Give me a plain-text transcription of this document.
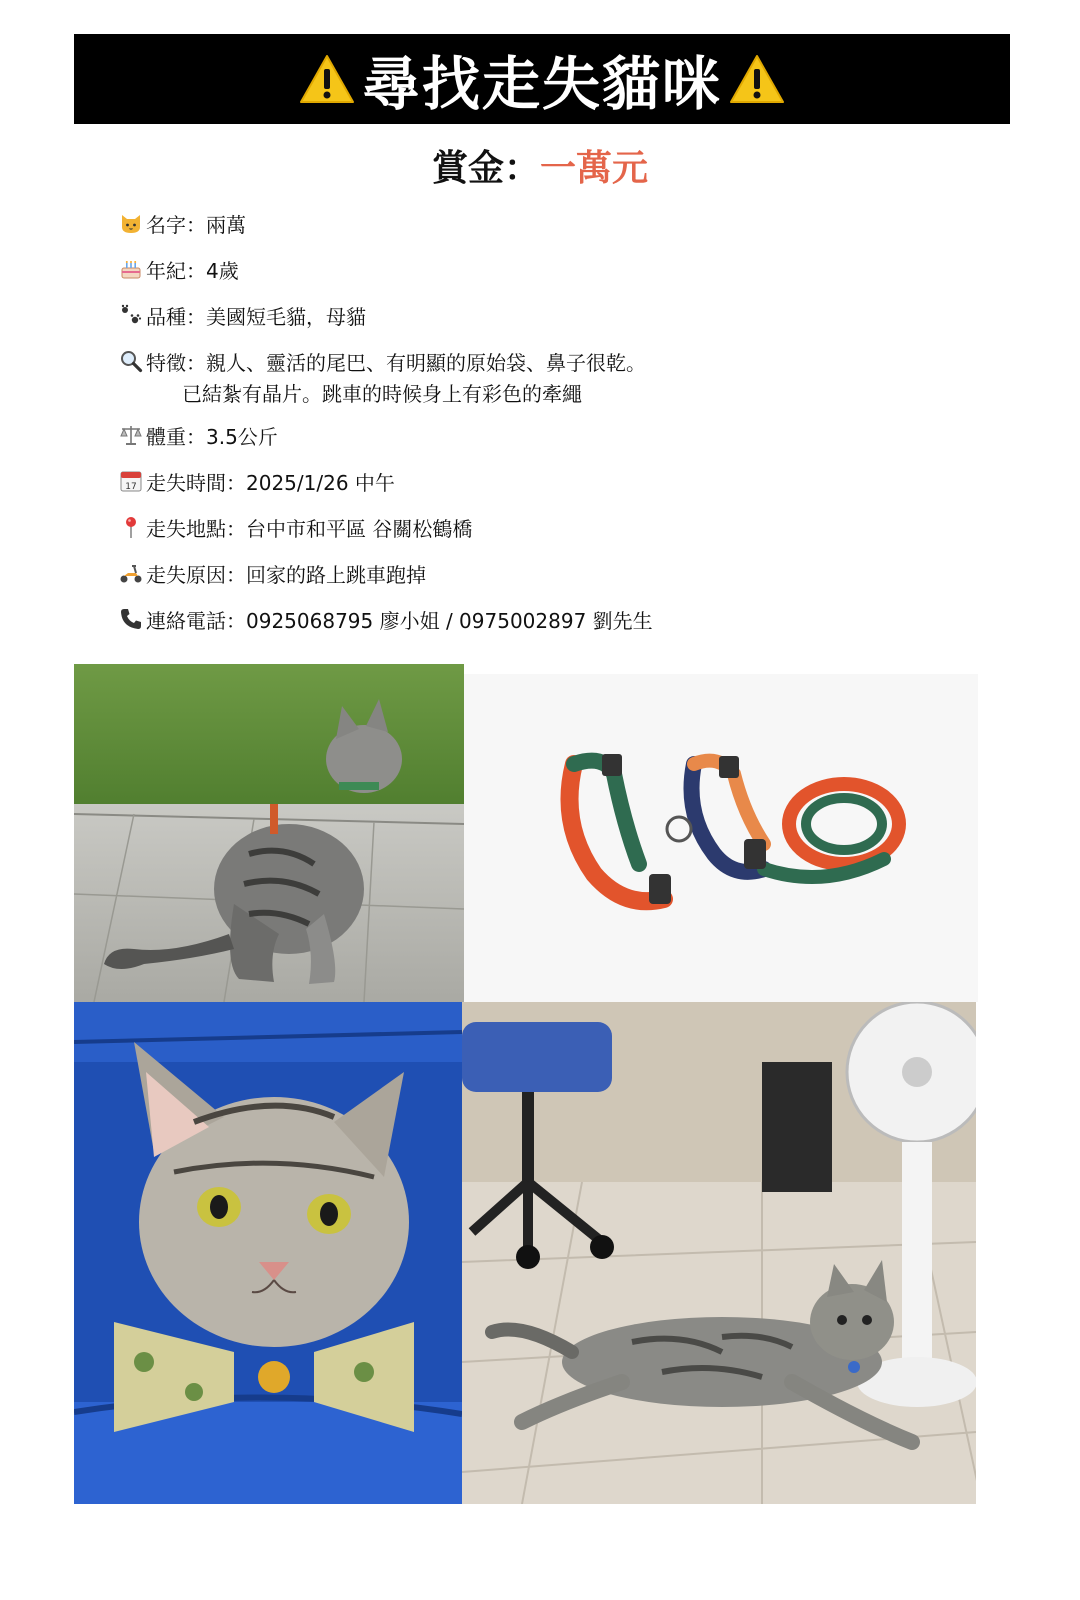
尋找走失貓咪
賞金：一萬元
名字 ： 兩萬
年紀 ： 4歲
品種 ： 美國短毛貓，母貓
特徵 ： 親人、靈活的尾巴、有明顯的原始袋、鼻子很乾。
已結紮有晶片。跳車的時候身上有彩色的牽繩
體重 ： 3.5公斤
17 走失時間 ： 2025/1/26 中午
走失地點 ： 台中市和平區 谷關松鶴橋
走失原因 ： 回家的路上跳車跑掉
連絡電話 ： 0925068795 廖小姐 / 0975002897 劉先生
